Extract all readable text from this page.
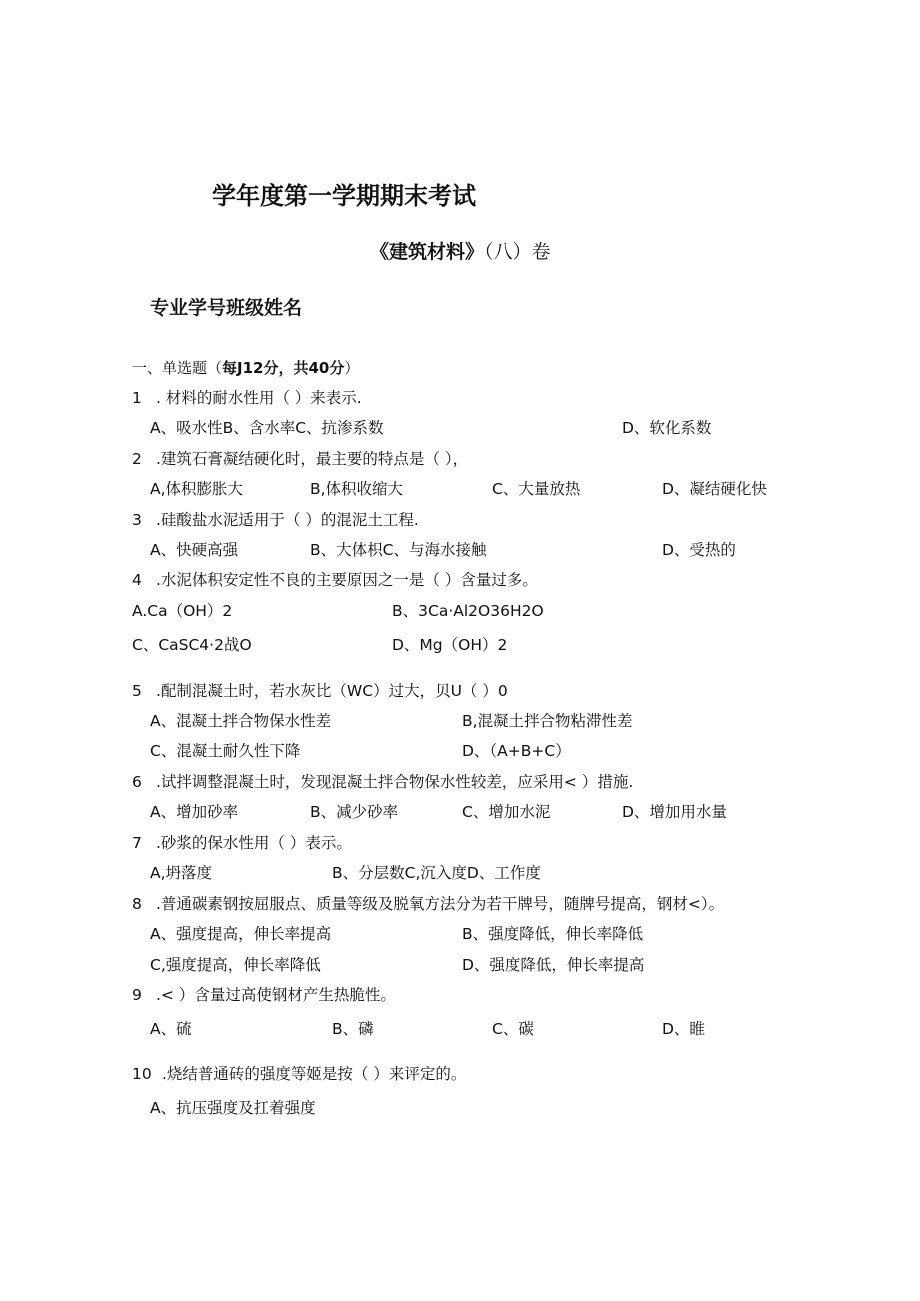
学年度第一学期期末考试
《建筑材料》（八）卷
专业学号班级姓名
一、单选题（每J12分，共40分）
1 . 材料的耐水性用（ ）来表示.
A、吸水性B、含水率C、抗渗系数	D、软化系数
2 .建筑石膏凝结硬化时，最主要的特点是（ ），
A,体积膨胀大	B,体积收缩大	C、大量放热	D、凝结硬化快
3 .硅酸盐水泥适用于（ ）的混泥土工程.
A、快硬高强	B、大体枳C、与海水接触	D、受热的
4 .水泥体积安定性不良的主要原因之一是（ ）含量过多。
A.Ca（OH）2	B、3Ca·Al2O36H2O
C、CaSC4·2战O	D、Mg（OH）2
5 .配制混凝土时，若水灰比（WC）过大，贝U（ ）0
A、混凝土拌合物保水性差	B,混凝土拌合物粘滞性差
C、混凝土耐久性下降	D、（A+B+C）
6 .试拌调整混凝土时，发现混凝土拌合物保水性较差，应采用< ）措施.
A、增加砂率	B、减少砂率	C、增加水泥	D、增加用水量
7 .砂浆的保水性用（ ）表示。
A,坍落度	B、分层数C,沉入度D、工作度
8 .普通碳素钢按屈服点、质量等级及脱氧方法分为若干牌号，随牌号提高，钢材<）。
A、强度提高，伸长率提高	B、强度降低，伸长率降低
C,强度提高，伸长率降低	D、强度降低，伸长率提高
9 .< ）含量过高使钢材产生热脆性。
A、硫	B、磷	C、碳	D、睢
10 .烧结普通砖的强度等姬是按（ ）来评定的。
A、抗压强度及扛着强度
